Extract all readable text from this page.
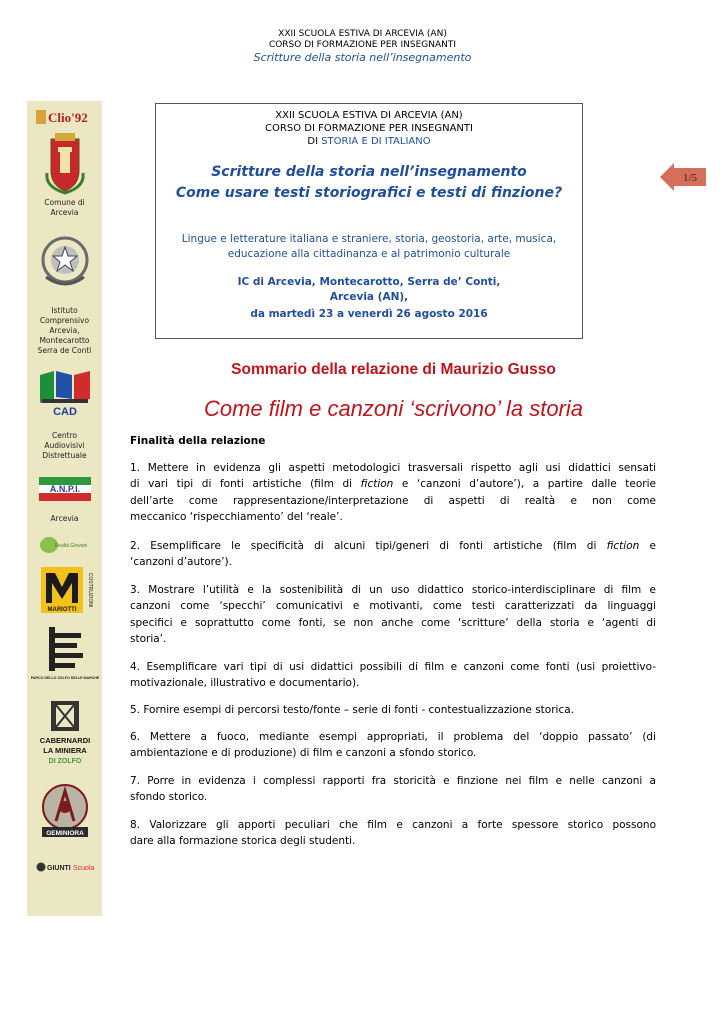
XXII SCUOLA ESTIVA DI ARCEVIA (AN)
CORSO DI FORMAZIONE PER INSEGNANTI
Scritture della storia nell’insegnamento
Clio'92
Comune di
Arcevia
Istituto
Comprensivo
Arcevia,
Montecarotto
Serra de Conti
CAD
Centro
Audiovisivi
Distrettuale
A.N.P.I.
Arcevia
Realtà Giovani
MARIOTTI
COSTRUZIONI
PARCO DELLO ZOLFO DELLE MARCHE
CABERNARDI
LA MINIERA
DI ZOLFO
GEMINIORA
GIUNTI Scuola
XXII SCUOLA ESTIVA DI ARCEVIA (AN)
CORSO DI FORMAZIONE PER INSEGNANTI
DI STORIA E DI ITALIANO
Scritture della storia nell’insegnamento
Come usare testi storiografici e testi di finzione?
Lingue e letterature italiana e straniere, storia, geostoria, arte, musica,
educazione alla cittadinanza e al patrimonio culturale
IC di Arcevia, Montecarotto, Serra de’ Conti,
Arcevia (AN),
da martedì 23 a venerdì 26 agosto 2016
1/5
Sommario della relazione di Maurizio Gusso
Come film e canzoni ‘scrivono’ la storia
Finalità della relazione
1. Mettere in evidenza gli aspetti metodologici trasversali rispetto agli usi didattici sensati
di vari tipi di fonti artistiche (film di fiction e ‘canzoni d’autore’), a partire dalle teorie
dell’arte come rappresentazione/interpretazione di aspetti di realtà e non come
meccanico ‘rispecchiamento’ del ‘reale’.
2. Esemplificare le specificità di alcuni tipi/generi di fonti artistiche (film di fiction e
‘canzoni d’autore’).
3. Mostrare l’utilità e la sostenibilità di un uso didattico storico-interdisciplinare di film e
canzoni come ‘specchi’ comunicativi e motivanti, come testi caratterizzati da linguaggi
specifici e soprattutto come fonti, se non anche come ‘scritture’ della storia e ‘agenti di
storia’.
4. Esemplificare vari tipi di usi didattici possibili di film e canzoni come fonti (usi proiettivo-
motivazionale, illustrativo e documentario).
5. Fornire esempi di percorsi testo/fonte – serie di fonti - contestualizzazione storica.
6. Mettere a fuoco, mediante esempi appropriati, il problema del ‘doppio passato’ (di
ambientazione e di produzione) di film e canzoni a sfondo storico.
7. Porre in evidenza i complessi rapporti fra storicità e finzione nei film e nelle canzoni a
sfondo storico.
8. Valorizzare gli apporti peculiari che film e canzoni a forte spessore storico possono
dare alla formazione storica degli studenti.
